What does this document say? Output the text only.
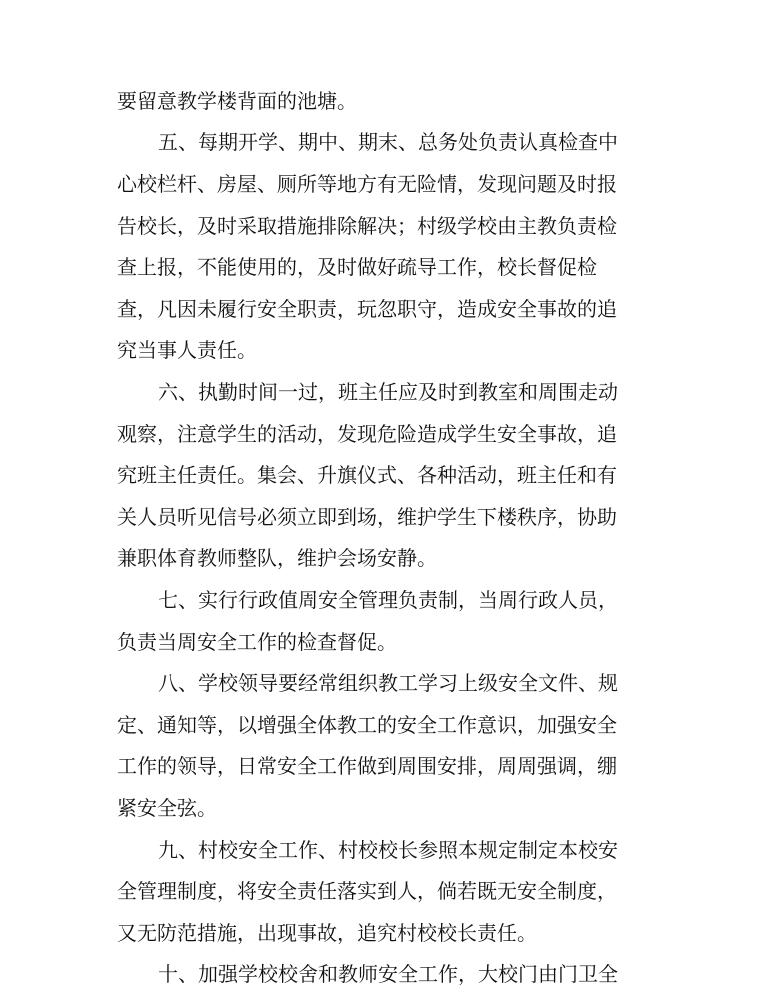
要留意教学楼背面的池塘。
五、每期开学、期中、期末、总务处负责认真检查中
心校栏杆、房屋、厕所等地方有无险情，发现问题及时报
告校长，及时采取措施排除解决；村级学校由主教负责检
查上报，不能使用的，及时做好疏导工作，校长督促检
查，凡因未履行安全职责，玩忽职守，造成安全事故的追
究当事人责任。
六、执勤时间一过，班主任应及时到教室和周围走动
观察，注意学生的活动，发现危险造成学生安全事故，追
究班主任责任。集会、升旗仪式、各种活动，班主任和有
关人员听见信号必须立即到场，维护学生下楼秩序，协助
兼职体育教师整队，维护会场安静。
七、实行行政值周安全管理负责制，当周行政人员，
负责当周安全工作的检查督促。
八、学校领导要经常组织教工学习上级安全文件、规
定、通知等，以增强全体教工的安全工作意识，加强安全
工作的领导，日常安全工作做到周围安排，周周强调，绷
紧安全弦。
九、村校安全工作、村校校长参照本规定制定本校安
全管理制度，将安全责任落实到人，倘若既无安全制度，
又无防范措施，出现事故，追究村校校长责任。
十、加强学校校舍和教师安全工作，大校门由门卫全
